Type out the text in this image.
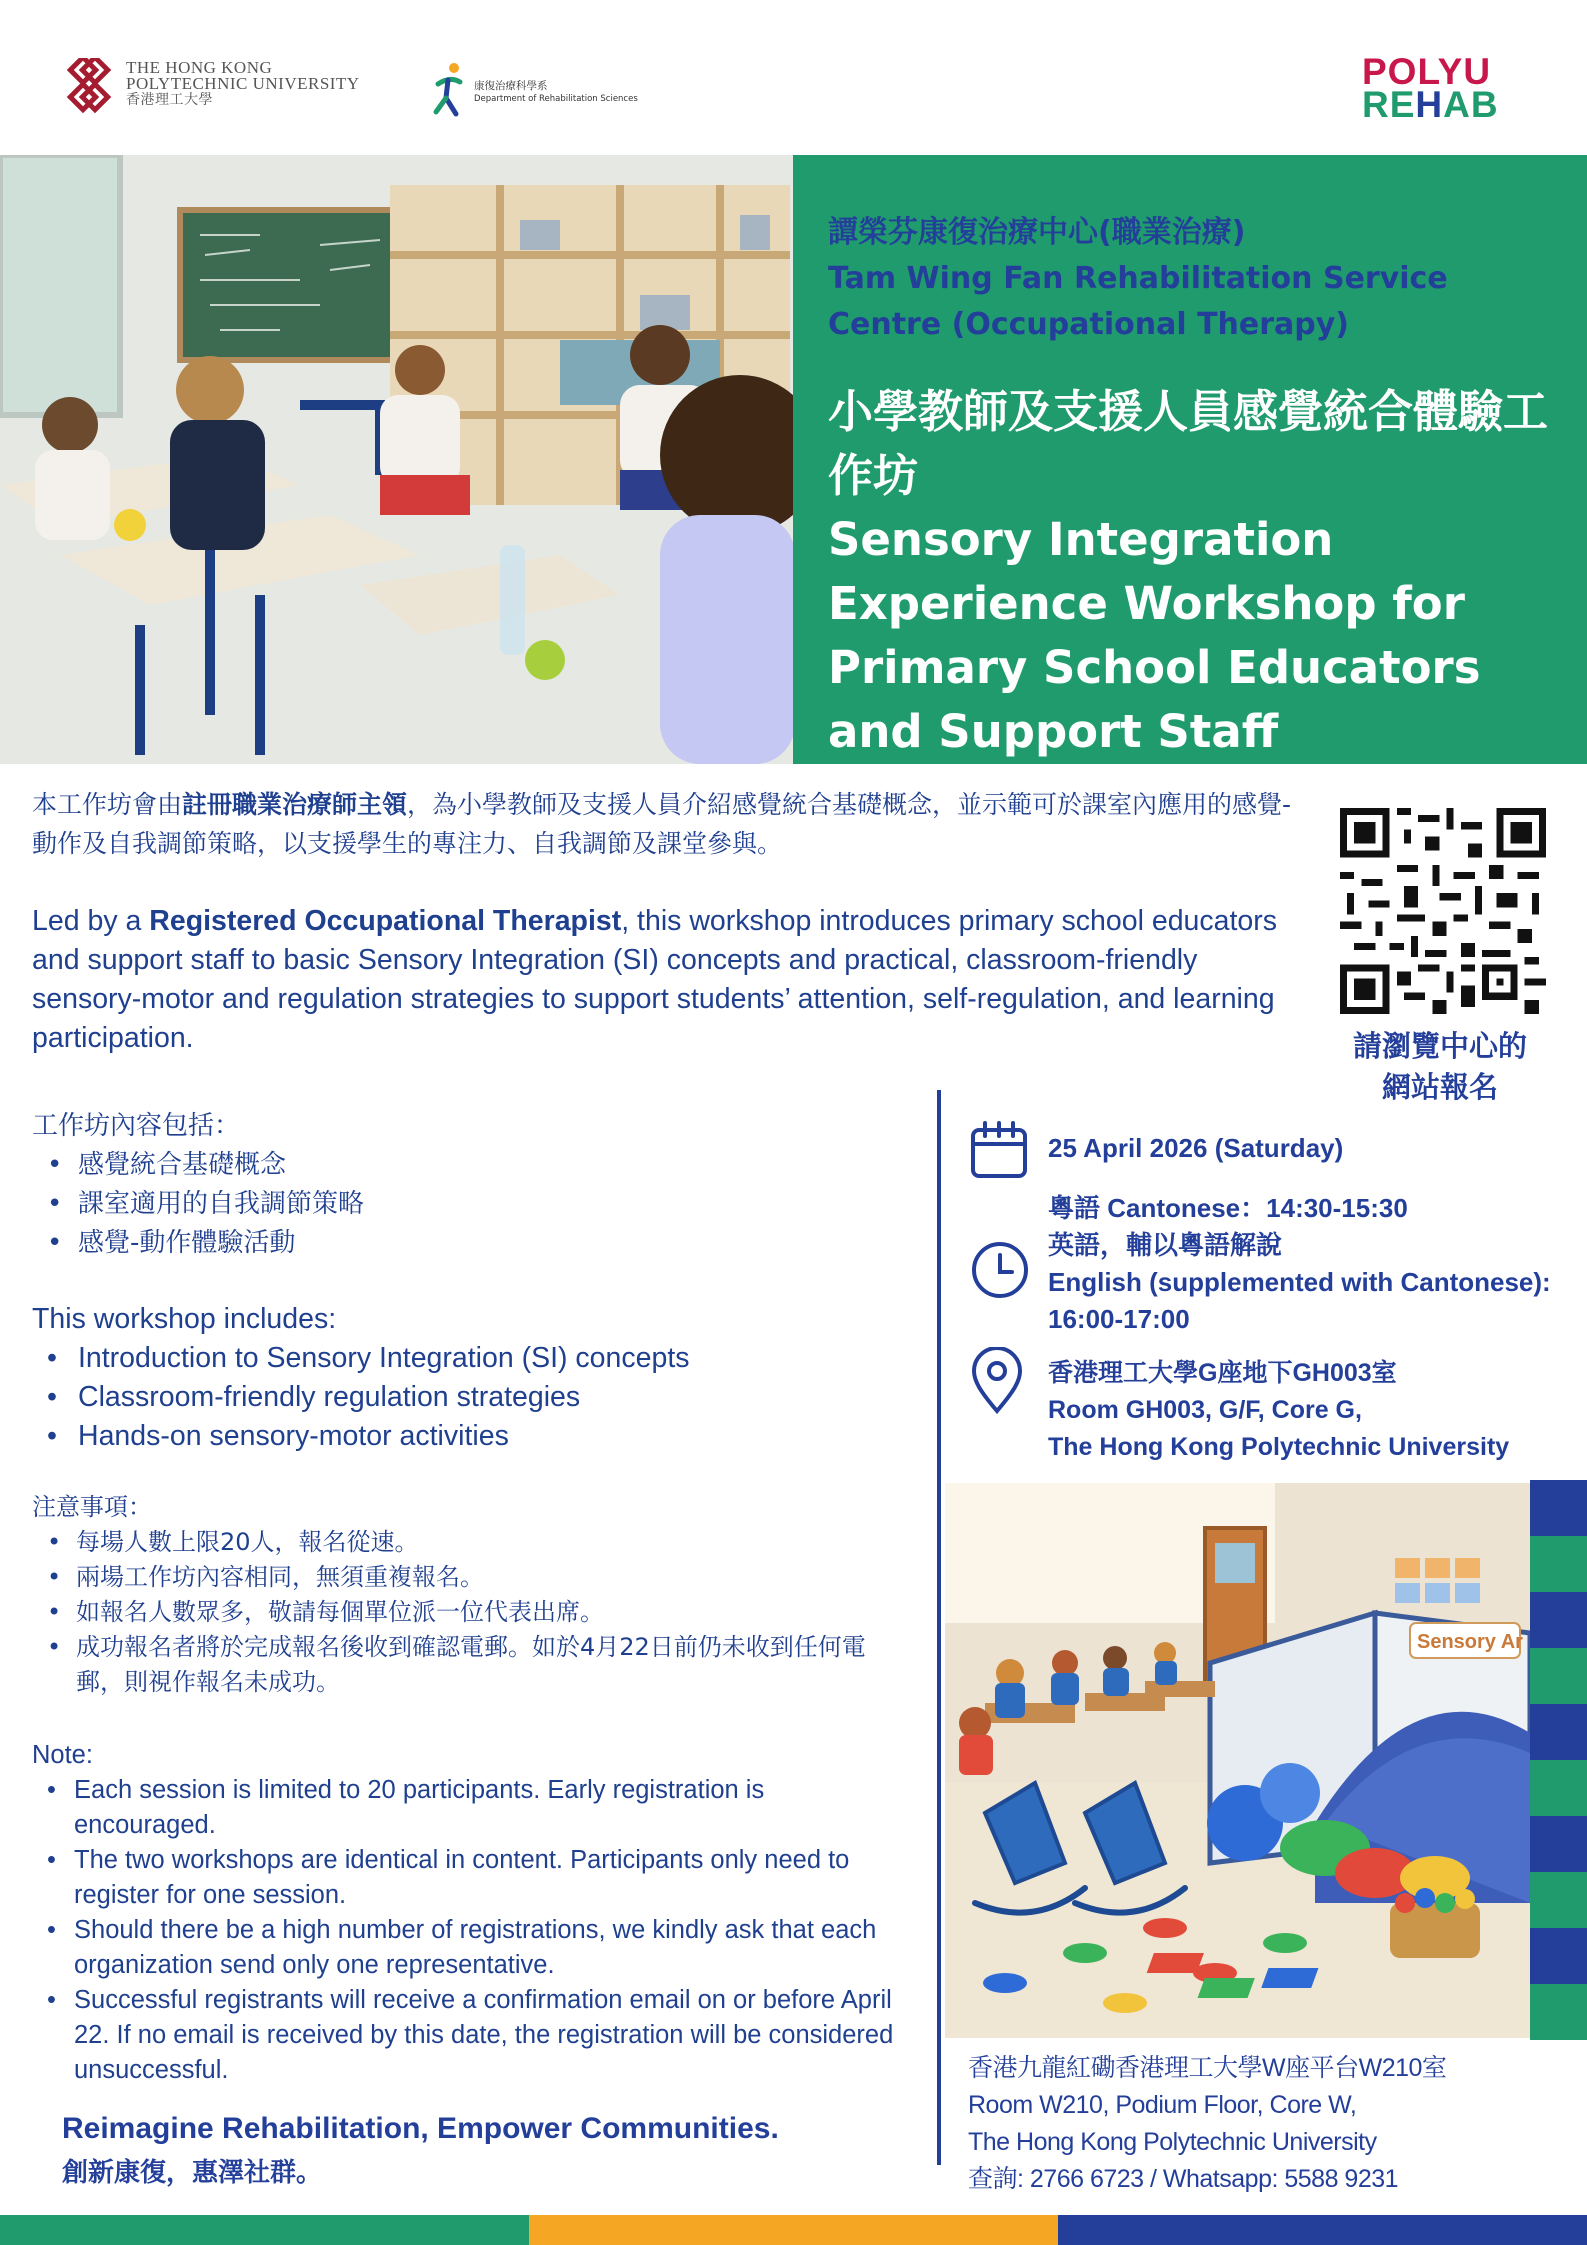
THE HONG KONG
POLYTECHNIC UNIVERSITY
香港理工大學
康復治療科學系
Department of Rehabilitation Sciences
POLYU
REHAB
譚榮芬康復治療中心(職業治療)
Tam Wing Fan Rehabilitation Service Centre (Occupational Therapy)
小學教師及支援人員感覺統合體驗工作坊
Sensory Integration Experience Workshop for Primary School Educators and Support Staff
本工作坊會由註冊職業治療師主領，為小學教師及支援人員介紹感覺統合基礎概念，並示範可於課室內應用的感覺-動作及自我調節策略，以支援學生的專注力、自我調節及課堂參與。
Led by a Registered Occupational Therapist, this workshop introduces primary school educators and support staff to basic Sensory Integration (SI) concepts and practical, classroom-friendly sensory-motor and regulation strategies to support students’ attention, self-regulation, and learning participation.	請瀏覽中心的
網站報名
工作坊內容包括：
• 感覺統合基礎概念
• 課室適用的自我調節策略
• 感覺-動作體驗活動
This workshop includes:
• Introduction to Sensory Integration (SI) concepts
• Classroom-friendly regulation strategies
• Hands-on sensory-motor activities
注意事項：
• 每場人數上限20人，報名從速。
• 兩場工作坊內容相同，無須重複報名。
• 如報名人數眾多，敬請每個單位派一位代表出席。
• 成功報名者將於完成報名後收到確認電郵。如於4月22日前仍未收到任何電郵，則視作報名未成功。
Note:
• Each session is limited to 20 participants. Early registration is encouraged.
• The two workshops are identical in content. Participants only need to register for one session.
• Should there be a high number of registrations, we kindly ask that each organization send only one representative.
• Successful registrants will receive a confirmation email on or before April 22. If no email is received by this date, the registration will be considered unsuccessful.
Reimagine Rehabilitation, Empower Communities.
創新康復，惠澤社群。
25 April 2026 (Saturday)
粵語 Cantonese：14:30-15:30
英語，輔以粵語解說
English (supplemented with Cantonese):
16:00-17:00
香港理工大學G座地下GH003室
Room GH003, G/F, Core G,
The Hong Kong Polytechnic University
Sensory Ar
香港九龍紅磡香港理工大學W座平台W210室
Room W210, Podium Floor, Core W,
The Hong Kong Polytechnic University
查詢: 2766 6723 / Whatsapp: 5588 9231
